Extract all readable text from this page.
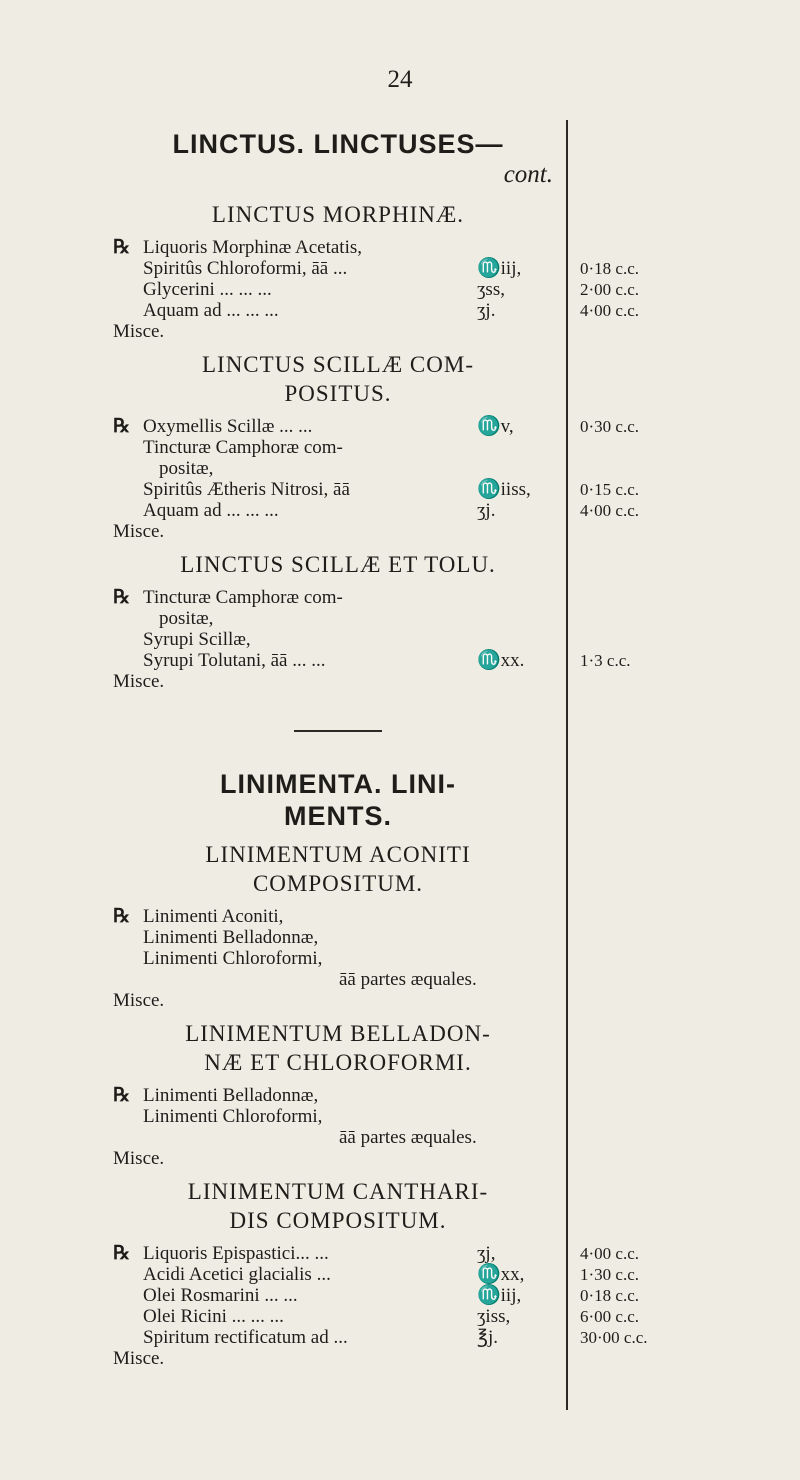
24
LINCTUS. LINCTUSES—

cont.

LINCTUS MORPHINÆ.
℞ Liquoris Morphinæ Acetatis,
Spiritûs Chloroformi, āā ...	♏iij,	0·18 c.c.
Glycerini ... ... ...	ʒss,	2·00 c.c.
Aquam ad ... ... ...	ʒj.	4·00 c.c.
Misce.
LINCTUS SCILLÆ COM-
POSITUS.
℞ Oxymellis Scillæ ... ...	♏v,	0·30 c.c.
Tincturæ Camphoræ com-
positæ,
Spiritûs Ætheris Nitrosi, āā	♏iiss,	0·15 c.c.
Aquam ad ... ... ...	ʒj.	4·00 c.c.
Misce.
LINCTUS SCILLÆ ET TOLU.
℞ Tincturæ Camphoræ com-
positæ,
Syrupi Scillæ,
Syrupi Tolutani, āā ... ...	♏xx.	1·3 c.c.
Misce.
LINIMENTA. LINI-
MENTS.
LINIMENTUM ACONITI
COMPOSITUM.
℞ Linimenti Aconiti,
Linimenti Belladonnæ,
Linimenti Chloroformi,
āā partes æquales.
Misce.
LINIMENTUM BELLADON-
NÆ ET CHLOROFORMI.
℞ Linimenti Belladonnæ,
Linimenti Chloroformi,
āā partes æquales.
Misce.
LINIMENTUM CANTHARI-
DIS COMPOSITUM.
℞ Liquoris Epispastici... ...	ʒj,	4·00 c.c.
Acidi Acetici glacialis ...	♏xx,	1·30 c.c.
Olei Rosmarini ... ...	♏iij,	0·18 c.c.
Olei Ricini ... ... ...	ʒiss,	6·00 c.c.
Spiritum rectificatum ad ...	℥j.	30·00 c.c.
Misce.
